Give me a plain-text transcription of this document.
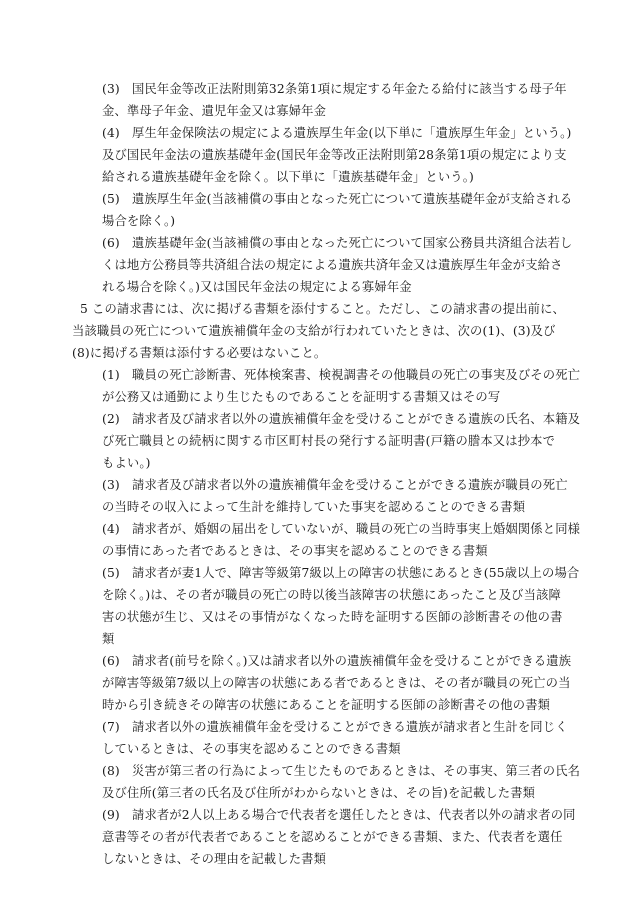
(3) 国民年金等改正法附則第32条第1項に規定する年金たる給付に該当する母子年
金、準母子年金、遺児年金又は寡婦年金
(4) 厚生年金保険法の規定による遺族厚生年金(以下単に「遺族厚生年金」という。)
及び国民年金法の遺族基礎年金(国民年金等改正法附則第28条第1項の規定により支
給される遺族基礎年金を除く。以下単に「遺族基礎年金」という。)
(5) 遺族厚生年金(当該補償の事由となった死亡について遺族基礎年金が支給される
場合を除く。)
(6) 遺族基礎年金(当該補償の事由となった死亡について国家公務員共済組合法若し
くは地方公務員等共済組合法の規定による遺族共済年金又は遺族厚生年金が支給さ
れる場合を除く。)又は国民年金法の規定による寡婦年金
5 この請求書には、次に掲げる書類を添付すること。ただし、この請求書の提出前に、
当該職員の死亡について遺族補償年金の支給が行われていたときは、次の(1)、(3)及び
(8)に掲げる書類は添付する必要はないこと。
(1) 職員の死亡診断書、死体検案書、検視調書その他職員の死亡の事実及びその死亡
が公務又は通勤により生じたものであることを証明する書類又はその写
(2) 請求者及び請求者以外の遺族補償年金を受けることができる遺族の氏名、本籍及
び死亡職員との続柄に関する市区町村長の発行する証明書(戸籍の謄本又は抄本で
もよい。)
(3) 請求者及び請求者以外の遺族補償年金を受けることができる遺族が職員の死亡
の当時その収入によって生計を維持していた事実を認めることのできる書類
(4) 請求者が、婚姻の届出をしていないが、職員の死亡の当時事実上婚姻関係と同様
の事情にあった者であるときは、その事実を認めることのできる書類
(5) 請求者が妻1人で、障害等級第7級以上の障害の状態にあるとき(55歳以上の場合
を除く。)は、その者が職員の死亡の時以後当該障害の状態にあったこと及び当該障
害の状態が生じ、又はその事情がなくなった時を証明する医師の診断書その他の書
類
(6) 請求者(前号を除く。)又は請求者以外の遺族補償年金を受けることができる遺族
が障害等級第7級以上の障害の状態にある者であるときは、その者が職員の死亡の当
時から引き続きその障害の状態にあることを証明する医師の診断書その他の書類
(7) 請求者以外の遺族補償年金を受けることができる遺族が請求者と生計を同じく
しているときは、その事実を認めることのできる書類
(8) 災害が第三者の行為によって生じたものであるときは、その事実、第三者の氏名
及び住所(第三者の氏名及び住所がわからないときは、その旨)を記載した書類
(9) 請求者が2人以上ある場合で代表者を選任したときは、代表者以外の請求者の同
意書等その者が代表者であることを認めることができる書類、また、代表者を選任
しないときは、その理由を記載した書類
